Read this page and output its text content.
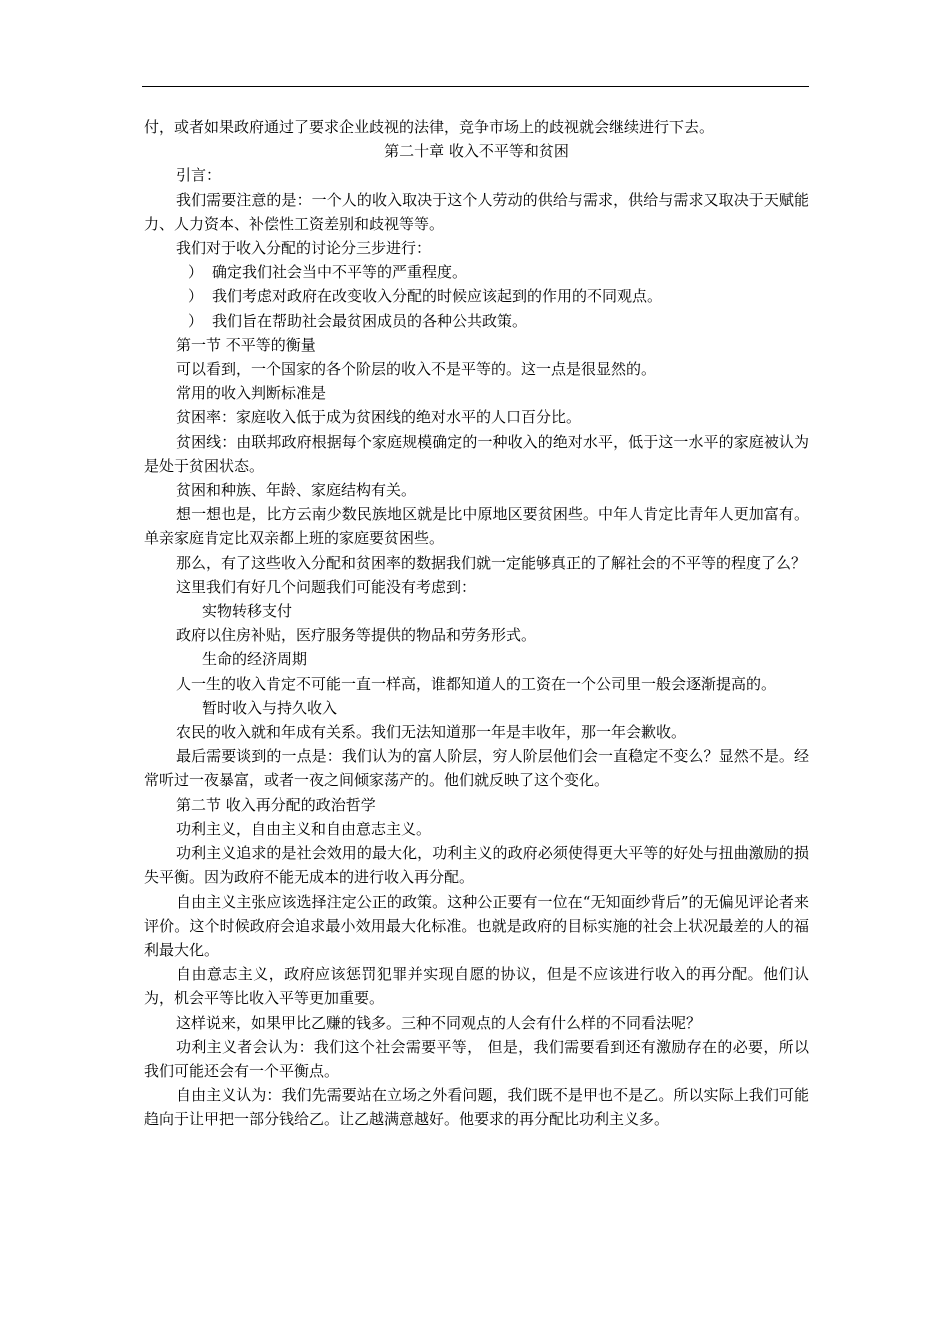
付，或者如果政府通过了要求企业歧视的法律，竞争市场上的歧视就会继续进行下去。

第二十章 收入不平等和贫困

引言：

我们需要注意的是：一个人的收入取决于这个人劳动的供给与需求，供给与需求又取决于天赋能力、人力资本、补偿性工资差别和歧视等等。

我们对于收入分配的讨论分三步进行：

） 确定我们社会当中不平等的严重程度。
） 我们考虑对政府在改变收入分配的时候应该起到的作用的不同观点。
） 我们旨在帮助社会最贫困成员的各种公共政策。

第一节 不平等的衡量

可以看到，一个国家的各个阶层的收入不是平等的。这一点是很显然的。

常用的收入判断标准是

贫困率：家庭收入低于成为贫困线的绝对水平的人口百分比。

贫困线：由联邦政府根据每个家庭规模确定的一种收入的绝对水平，低于这一水平的家庭被认为是处于贫困状态。

贫困和种族、年龄、家庭结构有关。

想一想也是，比方云南少数民族地区就是比中原地区要贫困些。中年人肯定比青年人更加富有。单亲家庭肯定比双亲都上班的家庭要贫困些。

那么，有了这些收入分配和贫困率的数据我们就一定能够真正的了解社会的不平等的程度了么？

这里我们有好几个问题我们可能没有考虑到：

实物转移支付

政府以住房补贴，医疗服务等提供的物品和劳务形式。

生命的经济周期

人一生的收入肯定不可能一直一样高，谁都知道人的工资在一个公司里一般会逐渐提高的。

暂时收入与持久收入

农民的收入就和年成有关系。我们无法知道那一年是丰收年，那一年会歉收。

最后需要谈到的一点是：我们认为的富人阶层，穷人阶层他们会一直稳定不变么？显然不是。经常听过一夜暴富，或者一夜之间倾家荡产的。他们就反映了这个变化。

第二节 收入再分配的政治哲学

功利主义，自由主义和自由意志主义。

功利主义追求的是社会效用的最大化，功利主义的政府必须使得更大平等的好处与扭曲激励的损失平衡。因为政府不能无成本的进行收入再分配。

自由主义主张应该选择注定公正的政策。这种公正要有一位在“无知面纱背后”的无偏见评论者来评价。这个时候政府会追求最小效用最大化标准。也就是政府的目标实施的社会上状况最差的人的福利最大化。

自由意志主义，政府应该惩罚犯罪并实现自愿的协议，但是不应该进行收入的再分配。他们认为，机会平等比收入平等更加重要。

这样说来，如果甲比乙赚的钱多。三种不同观点的人会有什么样的不同看法呢？

功利主义者会认为：我们这个社会需要平等， 但是，我们需要看到还有激励存在的必要，所以我们可能还会有一个平衡点。

自由主义认为：我们先需要站在立场之外看问题，我们既不是甲也不是乙。所以实际上我们可能趋向于让甲把一部分钱给乙。让乙越满意越好。他要求的再分配比功利主义多。
